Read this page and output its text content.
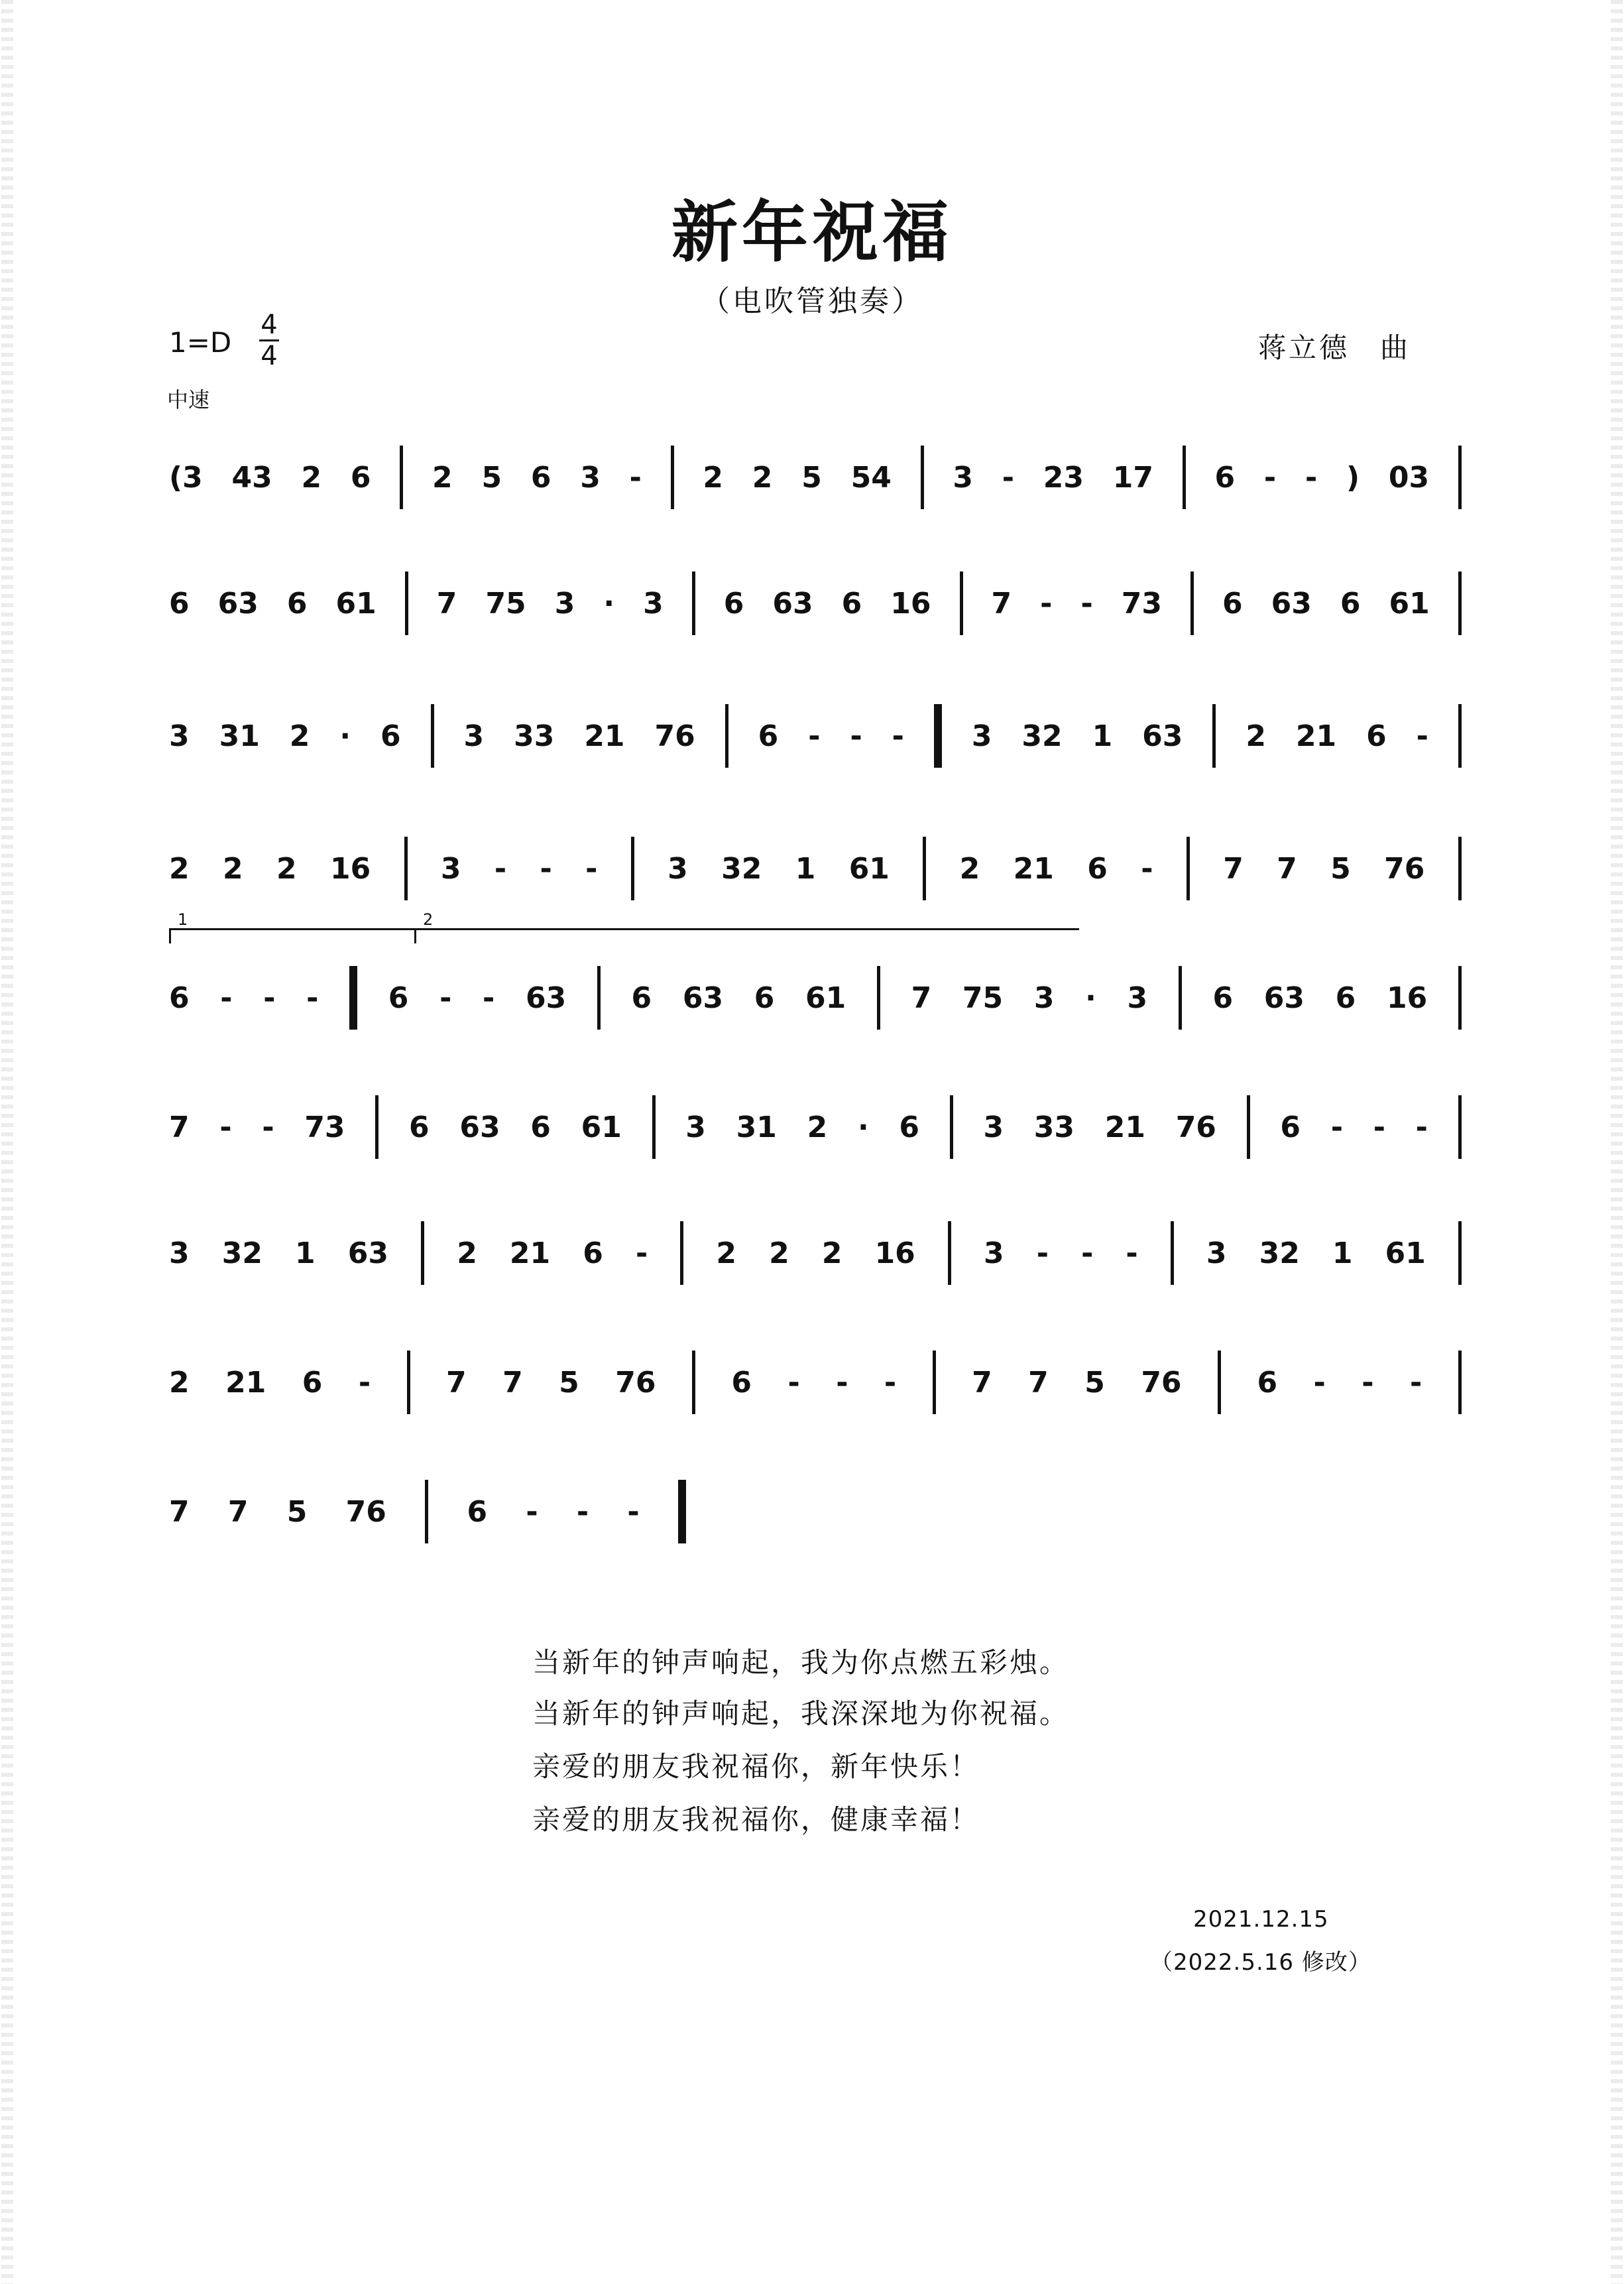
新年祝福
（电吹管独奏）
1=D
4
4
中速
蒋立德　曲
(3 43 2 6 2 5 6 3 - 2 2 5 54 3 - 23 17 6 - - ) 03
6 63 6 61 7 75 3 · 3 6 63 6 16 7 - - 73 6 63 6 61
3 31 2 · 6 3 33 21 76 6 - - - 3 32 1 63 2 21 6 -
2 2 2 16 3 - - - 3 32 1 61 2 21 6 - 7 7 5 76
1	2
6 - - - 6 - - 63 6 63 6 61 7 75 3 · 3 6 63 6 16
7 - - 73 6 63 6 61 3 31 2 · 6 3 33 21 76 6 - - -
3 32 1 63 2 21 6 - 2 2 2 16 3 - - - 3 32 1 61
2 21 6 -	7 7 5 76	6 - - -	7 7 5 76	6 - - -
7 7 5 76	6 - - -
当新年的钟声响起，我为你点燃五彩烛。
当新年的钟声响起，我深深地为你祝福。
亲爱的朋友我祝福你，新年快乐！
亲爱的朋友我祝福你，健康幸福！
2021.12.15
（2022.5.16 修改）
